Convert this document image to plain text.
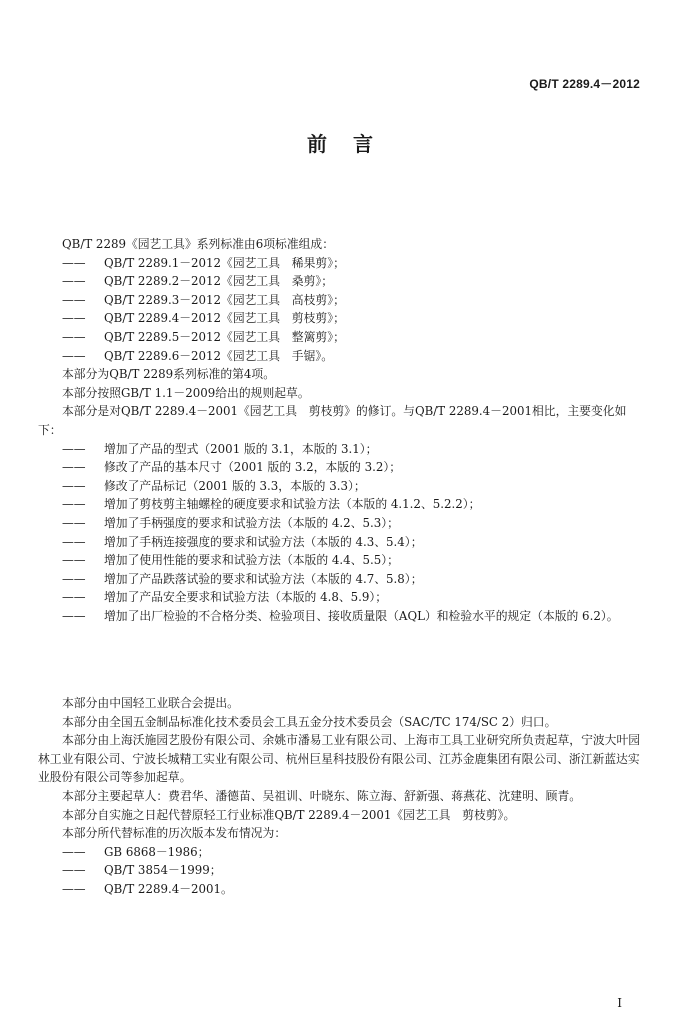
QB/T 2289.4－2012
前言

QB/T 2289《园艺工具》系列标准由6项标准组成：

—— QB/T 2289.1－2012《园艺工具　稀果剪》；

—— QB/T 2289.2－2012《园艺工具　桑剪》；

—— QB/T 2289.3－2012《园艺工具　高枝剪》；

—— QB/T 2289.4－2012《园艺工具　剪枝剪》；

—— QB/T 2289.5－2012《园艺工具　整篱剪》；

—— QB/T 2289.6－2012《园艺工具　手锯》。

本部分为QB/T 2289系列标准的第4项。

本部分按照GB/T 1.1－2009给出的规则起草。

本部分是对QB/T 2289.4－2001《园艺工具　剪枝剪》的修订。与QB/T 2289.4－2001相比，主要变化如下：

—— 增加了产品的型式（2001 版的 3.1，本版的 3.1）；

—— 修改了产品的基本尺寸（2001 版的 3.2，本版的 3.2）；

—— 修改了产品标记（2001 版的 3.3，本版的 3.3）；

—— 增加了剪枝剪主轴螺栓的硬度要求和试验方法（本版的 4.1.2、5.2.2）；

—— 增加了手柄强度的要求和试验方法（本版的 4.2、5.3）；

—— 增加了手柄连接强度的要求和试验方法（本版的 4.3、5.4）；

—— 增加了使用性能的要求和试验方法（本版的 4.4、5.5）；

—— 增加了产品跌落试验的要求和试验方法（本版的 4.7、5.8）；

—— 增加了产品安全要求和试验方法（本版的 4.8、5.9）；

—— 增加了出厂检验的不合格分类、检验项目、接收质量限（AQL）和检验水平的规定（本版的 6.2）。

本部分由中国轻工业联合会提出。

本部分由全国五金制品标准化技术委员会工具五金分技术委员会（SAC/TC 174/SC 2）归口。

本部分由上海沃施园艺股份有限公司、余姚市潘易工业有限公司、上海市工具工业研究所负责起草，宁波大叶园林工业有限公司、宁波长城精工实业有限公司、杭州巨星科技股份有限公司、江苏金鹿集团有限公司、浙江新蓝达实业股份有限公司等参加起草。

本部分主要起草人：费君华、潘德苗、吴祖训、叶晓东、陈立海、舒新强、蒋燕花、沈建明、顾青。

本部分自实施之日起代替原轻工行业标准QB/T 2289.4－2001《园艺工具　剪枝剪》。

本部分所代替标准的历次版本发布情况为：

—— GB 6868－1986；

—— QB/T 3854－1999；

—— QB/T 2289.4－2001。

I
